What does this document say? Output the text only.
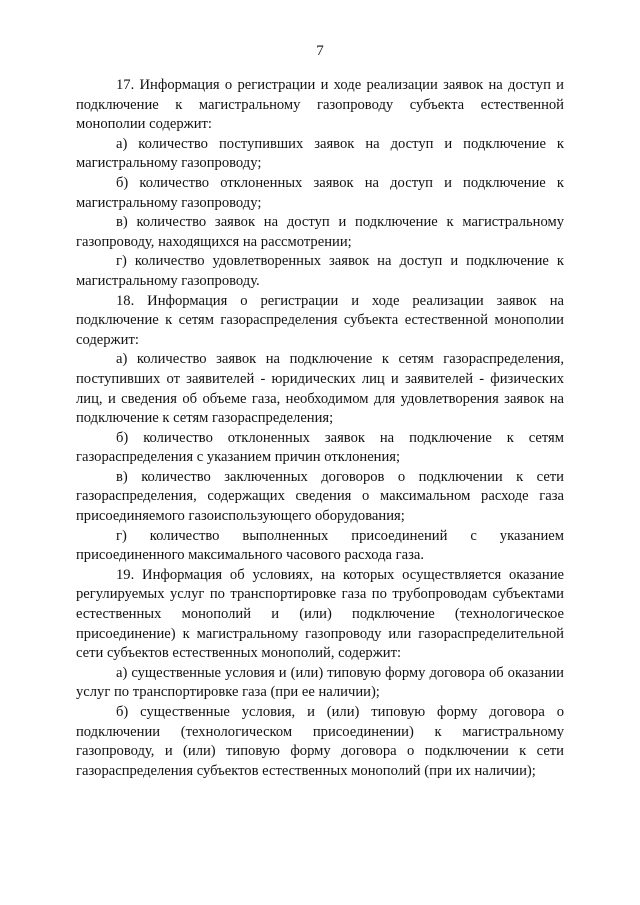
7

17. Информация о регистрации и ходе реализации заявок на доступ и подключение к магистральному газопроводу субъекта естественной монополии содержит:

а) количество поступивших заявок на доступ и подключение к магистральному газопроводу;

б) количество отклоненных заявок на доступ и подключение к магистральному газопроводу;

в) количество заявок на доступ и подключение к магистральному газопроводу, находящихся на рассмотрении;

г) количество удовлетворенных заявок на доступ и подключение к магистральному газопроводу.

18. Информация о регистрации и ходе реализации заявок на подключение к сетям газораспределения субъекта естественной монополии содержит:

а) количество заявок на подключение к сетям газораспределения, поступивших от заявителей - юридических лиц и заявителей - физических лиц, и сведения об объеме газа, необходимом для удовлетворения заявок на подключение к сетям газораспределения;

б) количество отклоненных заявок на подключение к сетям газораспределения с указанием причин отклонения;

в) количество заключенных договоров о подключении к сети газораспределения, содержащих сведения о максимальном расходе газа присоединяемого газоиспользующего оборудования;

г) количество выполненных присоединений с указанием присоединенного максимального часового расхода газа.

19. Информация об условиях, на которых осуществляется оказание регулируемых услуг по транспортировке газа по трубопроводам субъектами естественных монополий и (или) подключение (технологическое присоединение) к магистральному газопроводу или газораспределительной сети субъектов естественных монополий, содержит:

а) существенные условия и (или) типовую форму договора об оказании услуг по транспортировке газа (при ее наличии);

б) существенные условия, и (или) типовую форму договора о подключении (технологическом присоединении) к магистральному газопроводу, и (или) типовую форму договора о подключении к сети газораспределения субъектов естественных монополий (при их наличии);
